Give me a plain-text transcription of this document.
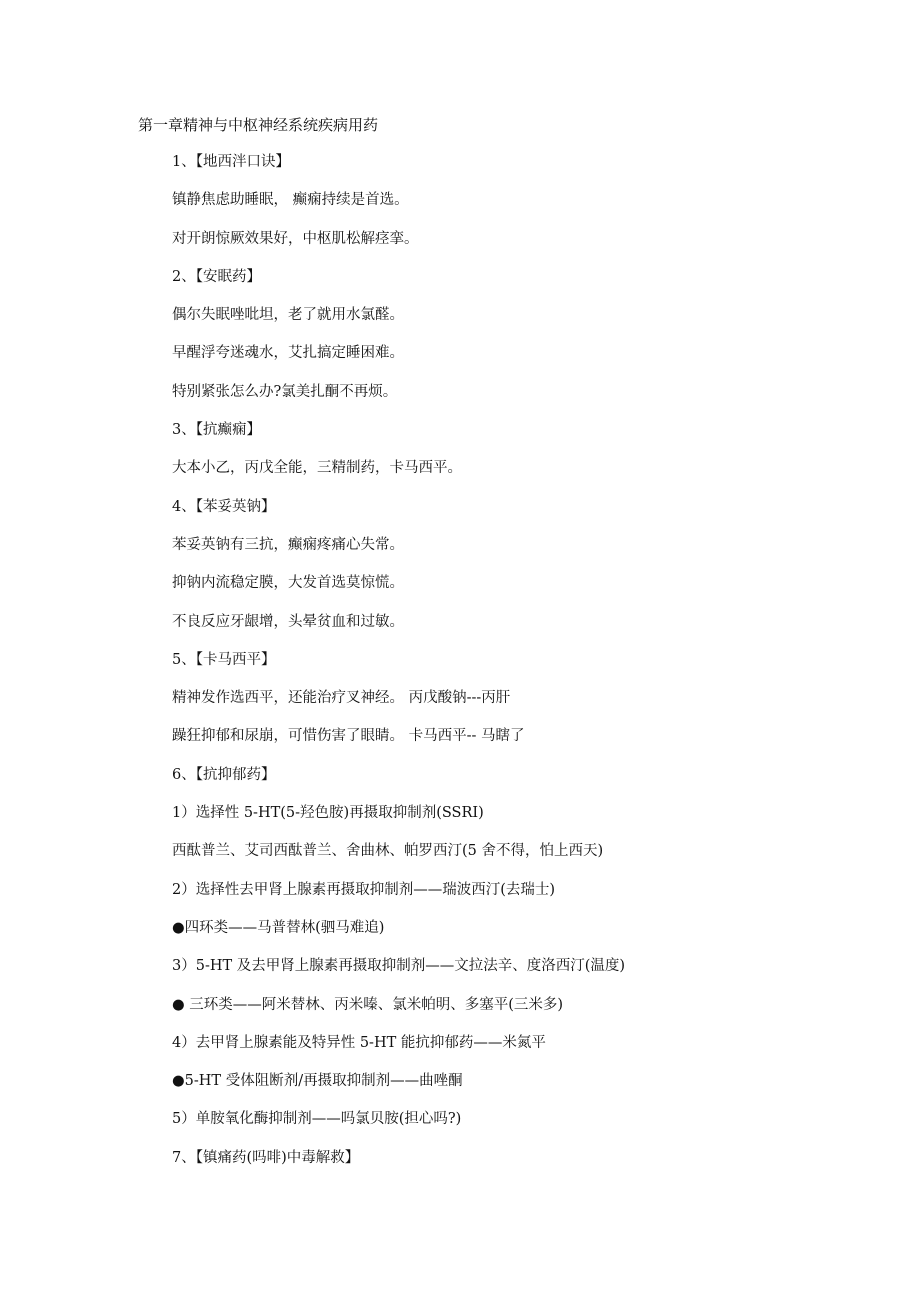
第一章精神与中枢神经系统疾病用药
1、【地西泮口诀】
镇静焦虑助睡眠， 癫痫持续是首选。
对开朗惊厥效果好，中枢肌松解痉挛。
2、【安眠药】
偶尔失眠唑吡坦，老了就用水氯醛。
早醒浮夸迷魂水，艾扎搞定睡困难。
特别紧张怎么办?氯美扎酮不再烦。
3、【抗癫痫】
大本小乙，丙戊全能，三精制药，卡马西平。
4、【苯妥英钠】
苯妥英钠有三抗，癫痫疼痛心失常。
抑钠内流稳定膜，大发首选莫惊慌。
不良反应牙龈增，头晕贫血和过敏。
5、【卡马西平】
精神发作选西平，还能治疗叉神经。 丙戊酸钠---丙肝
躁狂抑郁和尿崩，可惜伤害了眼睛。 卡马西平-- 马瞎了
6、【抗抑郁药】
1）选择性 5-HT(5-羟色胺)再摄取抑制剂(SSRI)
西酞普兰、艾司西酞普兰、舍曲林、帕罗西汀(5 舍不得，怕上西天)
2）选择性去甲肾上腺素再摄取抑制剂——瑞波西汀(去瑞士)
●四环类——马普替林(驷马难追)
3）5-HT 及去甲肾上腺素再摄取抑制剂——文拉法辛、度洛西汀(温度)
● 三环类——阿米替林、丙米嗪、氯米帕明、多塞平(三米多)
4）去甲肾上腺素能及特异性 5-HT 能抗抑郁药——米氮平
●5-HT 受体阻断剂/再摄取抑制剂——曲唑酮
5）单胺氧化酶抑制剂——吗氯贝胺(担心吗?)
7、【镇痛药(吗啡)中毒解救】
